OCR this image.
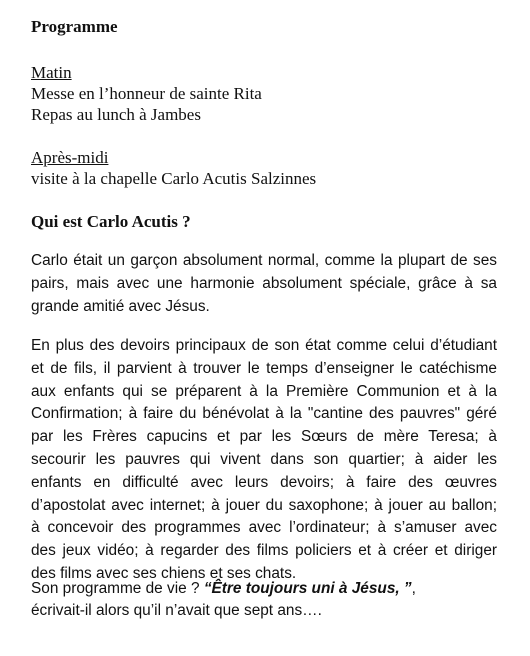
Programme
Matin
Messe en l’honneur de sainte Rita
Repas au lunch à Jambes
Après-midi
visite à la chapelle Carlo Acutis Salzinnes
Qui est Carlo Acutis ?
Carlo était un garçon absolument normal, comme la plupart de ses
pairs, mais avec une harmonie absolument spéciale, grâce à sa
grande amitié avec Jésus.
En plus des devoirs principaux de son état comme celui d’étudiant
et de fils, il parvient à trouver le temps d’enseigner le catéchisme
aux enfants qui se préparent à la Première Communion et à la
Confirmation; à faire du bénévolat à la "cantine des pauvres" géré
par les Frères capucins et par les Sœurs de mère Teresa; à
secourir les pauvres qui vivent dans son quartier; à aider les
enfants en difficulté avec leurs devoirs; à faire des œuvres
d’apostolat avec internet; à jouer du saxophone; à jouer au ballon;
à concevoir des programmes avec l’ordinateur; à s’amuser avec
des jeux vidéo; à regarder des films policiers et à créer et diriger
des films avec ses chiens et ses chats.
Son programme de vie ? “Être toujours uni à Jésus, ”,
écrivait-il alors qu’il n’avait que sept ans….
